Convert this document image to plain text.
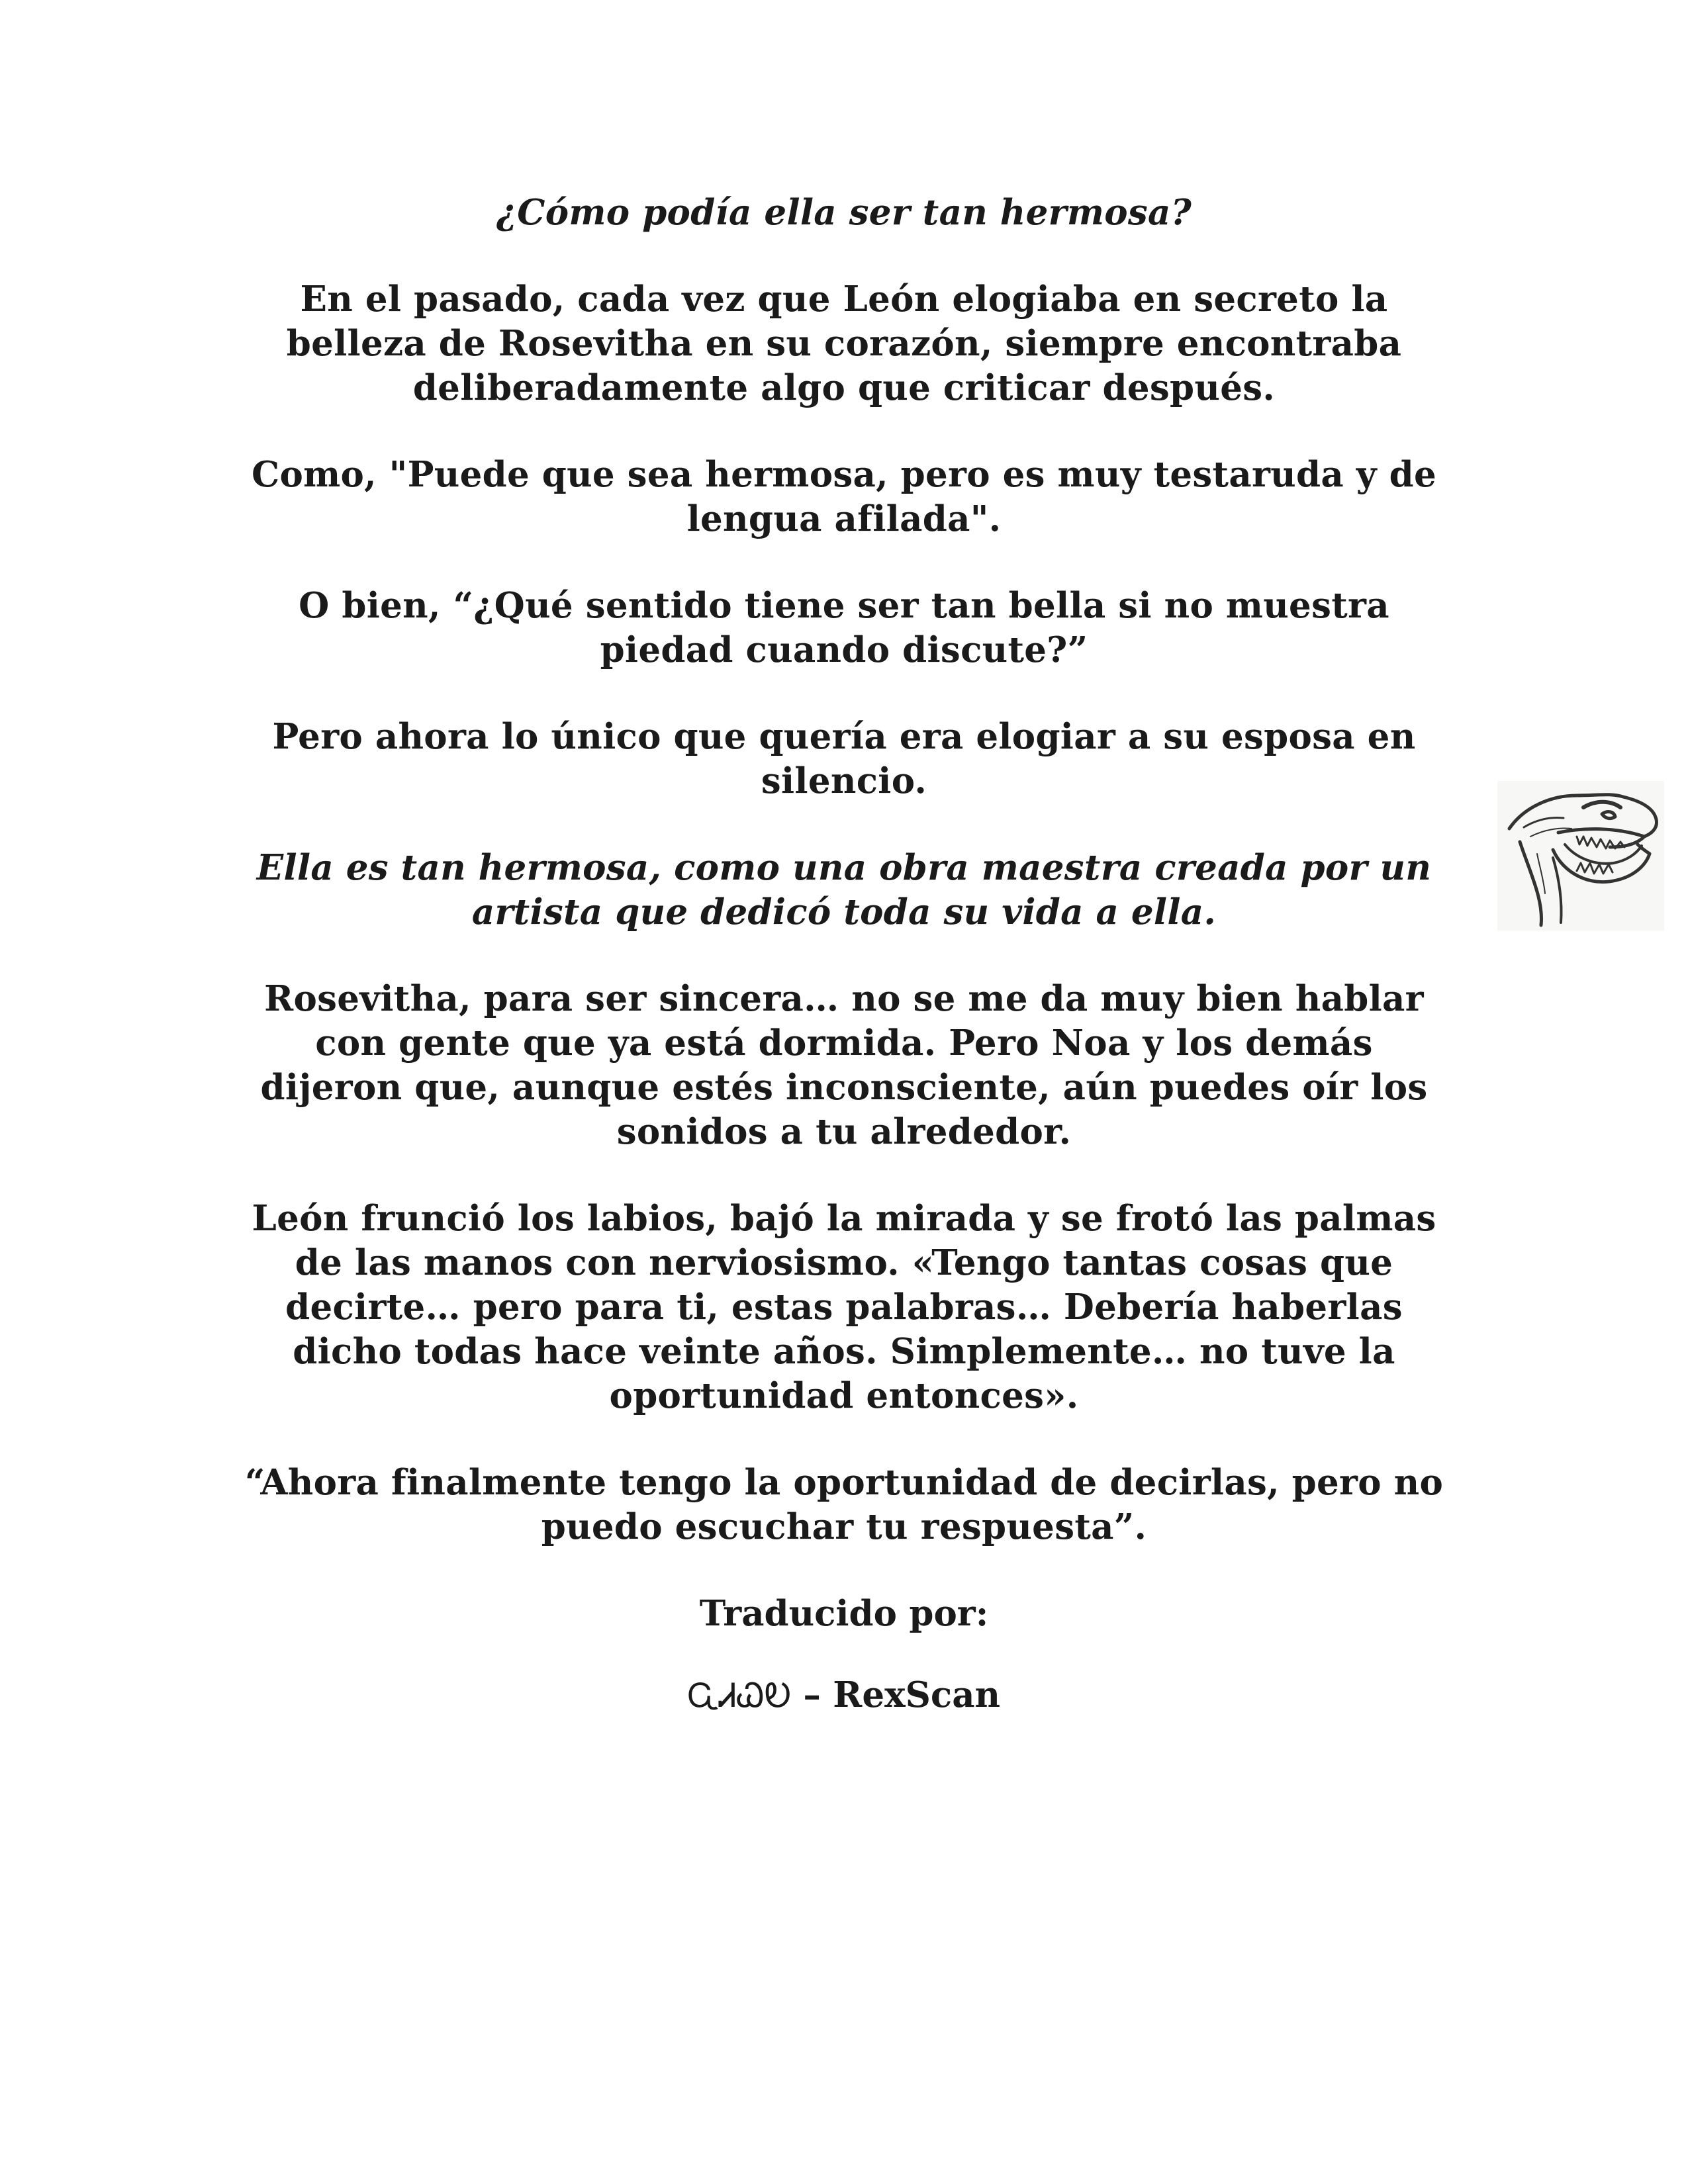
¿Cómo podía ella ser tan hermosa?

En el pasado, cada vez que León elogiaba en secreto la belleza de Rosevitha en su corazón, siempre encontraba deliberadamente algo que criticar después.

Como, "Puede que sea hermosa, pero es muy testaruda y de lengua afilada".

O bien, “¿Qué sentido tiene ser tan bella si no muestra piedad cuando discute?”

Pero ahora lo único que quería era elogiar a su esposa en silencio.

Ella es tan hermosa, como una obra maestra creada por un artista que dedicó toda su vida a ella.

Rosevitha, para ser sincera… no se me da muy bien hablar con gente que ya está dormida. Pero Noa y los demás dijeron que, aunque estés inconsciente, aún puedes oír los sonidos a tu alrededor.

León frunció los labios, bajó la mirada y se frotó las palmas de las manos con nerviosismo. «Tengo tantas cosas que decirte… pero para ti, estas palabras… Debería haberlas dicho todas hace veinte años. Simplemente… no tuve la oportunidad entonces».

“Ahora finalmente tengo la oportunidad de decirlas, pero no puedo escuchar tu respuesta”.

Traducido por:

ᏩᏗᏇᎧ – RexScan
